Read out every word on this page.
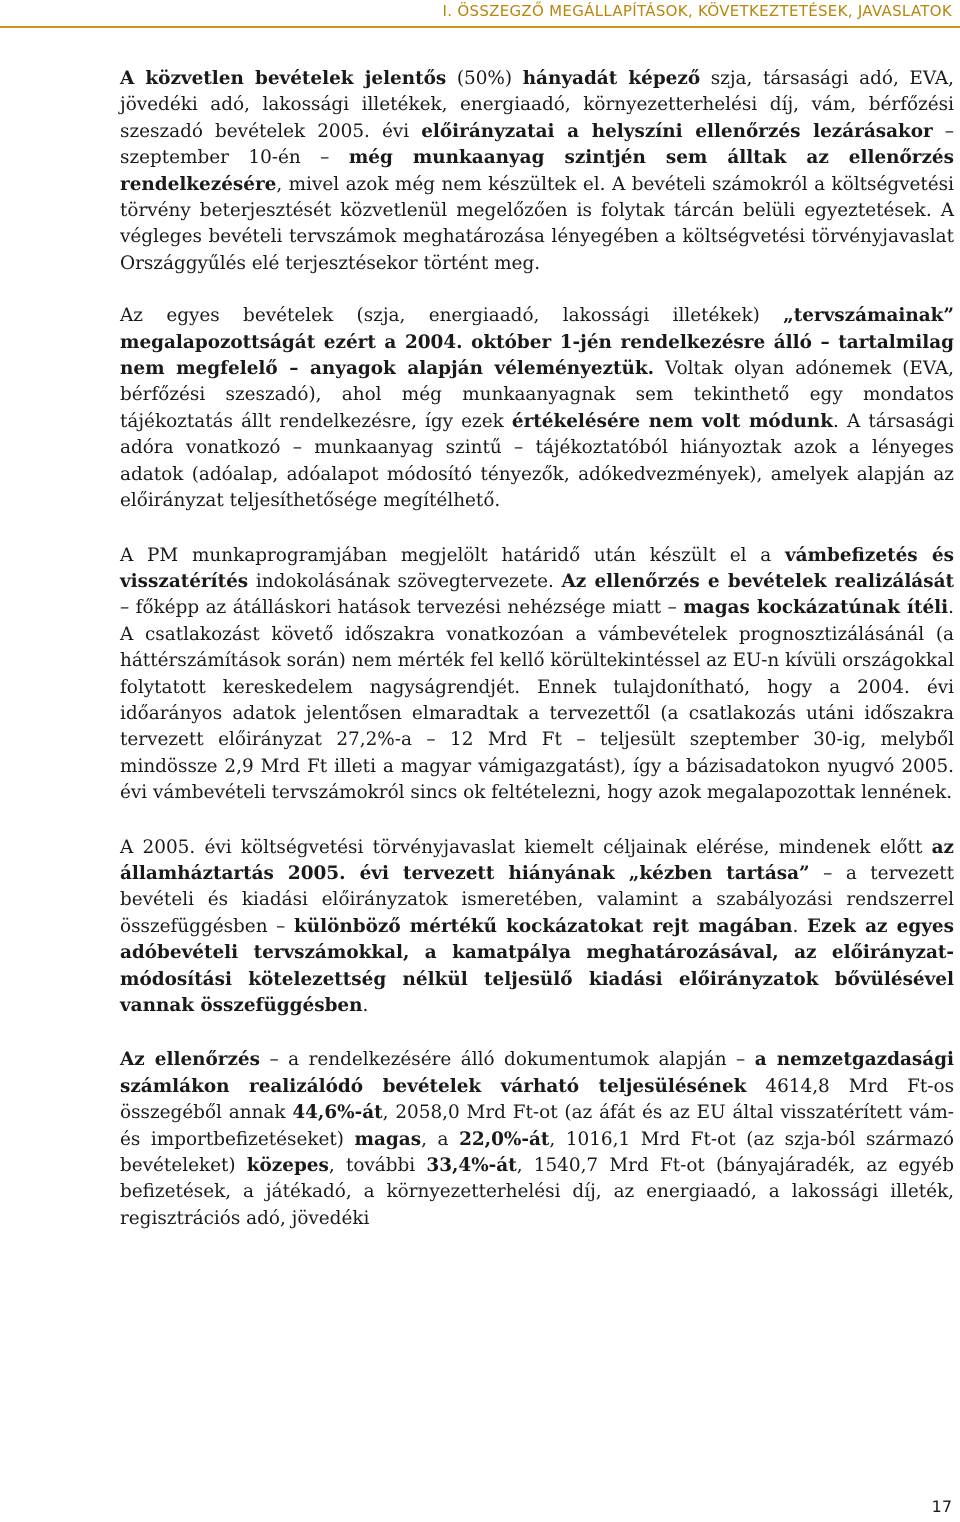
I. ÖSSZEGZŐ MEGÁLLAPÍTÁSOK, KÖVETKEZTETÉSEK, JAVASLATOK

A közvetlen bevételek jelentős (50%) hányadát képező szja, társasági adó, EVA, jövedéki adó, lakossági illetékek, energiaadó, környezetterhelési díj, vám, bérfőzési szeszadó bevételek 2005. évi előirányzatai a helyszíni ellenőrzés lezárásakor – szeptember 10-én – még munkaanyag szintjén sem álltak az ellenőrzés rendelkezésére, mivel azok még nem készültek el. A bevételi számokról a költségvetési törvény beterjesztését közvetlenül megelőzően is folytak tárcán belüli egyeztetések. A végleges bevételi tervszámok meghatározása lényegében a költségvetési törvényjavaslat Országgyűlés elé terjesztésekor történt meg.

Az egyes bevételek (szja, energiaadó, lakossági illetékek) „tervszámainak” megalapozottságát ezért a 2004. október 1-jén rendelkezésre álló – tartalmilag nem megfelelő – anyagok alapján véleményeztük. Voltak olyan adónemek (EVA, bérfőzési szeszadó), ahol még munkaanyagnak sem tekinthető egy mondatos tájékoztatás állt rendelkezésre, így ezek értékelésére nem volt módunk. A társasági adóra vonatkozó – munkaanyag szintű – tájékoztatóból hiányoztak azok a lényeges adatok (adóalap, adóalapot módosító tényezők, adókedvezmények), amelyek alapján az előirányzat teljesíthetősége megítélhető.

A PM munkaprogramjában megjelölt határidő után készült el a vámbefizetés és visszatérítés indokolásának szövegtervezete. Az ellenőrzés e bevételek realizálását – főképp az átálláskori hatások tervezési nehézsége miatt – magas kockázatúnak ítéli. A csatlakozást követő időszakra vonatkozóan a vámbevételek prognosztizálásánál (a háttérszámítások során) nem mérték fel kellő körültekintéssel az EU-n kívüli országokkal folytatott kereskedelem nagyságrendjét. Ennek tulajdonítható, hogy a 2004. évi időarányos adatok jelentősen elmaradtak a tervezettől (a csatlakozás utáni időszakra tervezett előirányzat 27,2%-a – 12 Mrd Ft – teljesült szeptember 30-ig, melyből mindössze 2,9 Mrd Ft illeti a magyar vámigazgatást), így a bázisadatokon nyugvó 2005. évi vámbevételi tervszámokról sincs ok feltételezni, hogy azok megalapozottak lennének.

A 2005. évi költségvetési törvényjavaslat kiemelt céljainak elérése, mindenek előtt az államháztartás 2005. évi tervezett hiányának „kézben tartása” – a tervezett bevételi és kiadási előirányzatok ismeretében, valamint a szabályozási rendszerrel összefüggésben – különböző mértékű kockázatokat rejt magában. Ezek az egyes adóbevételi tervszámokkal, a kamatpálya meghatározásával, az előirányzat-módosítási kötelezettség nélkül teljesülő kiadási előirányzatok bővülésével vannak összefüggésben.

Az ellenőrzés – a rendelkezésére álló dokumentumok alapján – a nemzetgazdasági számlákon realizálódó bevételek várható teljesülésének 4614,8 Mrd Ft-os összegéből annak 44,6%-át, 2058,0 Mrd Ft-ot (az áfát és az EU által visszatérített vám- és importbefizetéseket) magas, a 22,0%-át, 1016,1 Mrd Ft-ot (az szja-ból származó bevételeket) közepes, további 33,4%-át, 1540,7 Mrd Ft-ot (bányajáradék, az egyéb befizetések, a játékadó, a környezetterhelési díj, az energiaadó, a lakossági illeték, regisztrációs adó, jövedéki

17
